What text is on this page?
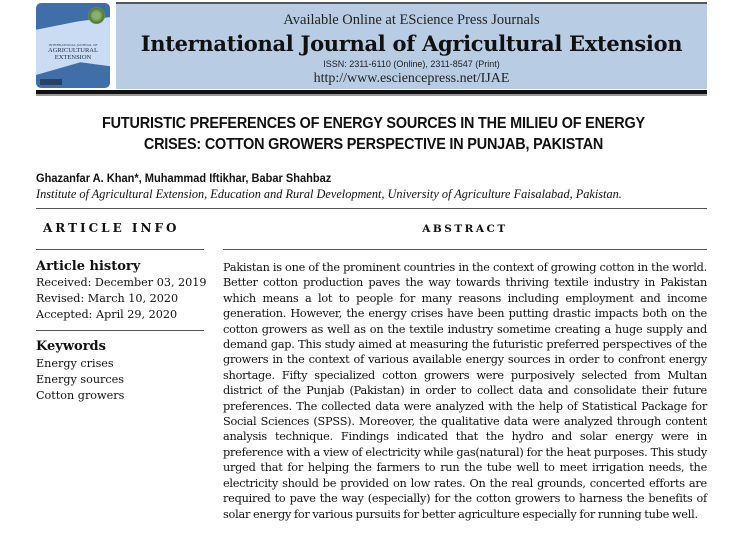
INTERNATIONAL JOURNAL OF
AGRICULTURAL EXTENSION
Available Online at EScience Press Journals
International Journal of Agricultural Extension
ISSN: 2311-6110 (Online), 2311-8547 (Print)
http://www.esciencepress.net/IJAE
FUTURISTIC PREFERENCES OF ENERGY SOURCES IN THE MILIEU OF ENERGY
CRISES: COTTON GROWERS PERSPECTIVE IN PUNJAB, PAKISTAN
Ghazanfar A. Khan*, Muhammad Iftikhar, Babar Shahbaz
Institute of Agricultural Extension, Education and Rural Development, University of Agriculture Faisalabad, Pakistan.
ARTICLE INFO
Article history
Received: December 03, 2019
Revised: March 10, 2020
Accepted: April 29, 2020
Keywords
Energy crises
Energy sources
Cotton growers
ABSTRACT
Pakistan is one of the prominent countries in the context of growing cotton in the world. Better cotton production paves the way towards thriving textile industry in Pakistan which means a lot to people for many reasons including employment and income generation. However, the energy crises have been putting drastic impacts both on the cotton growers as well as on the textile industry sometime creating a huge supply and demand gap. This study aimed at measuring the futuristic preferred perspectives of the growers in the context of various available energy sources in order to confront energy shortage. Fifty specialized cotton growers were purposively selected from Multan district of the Punjab (Pakistan) in order to collect data and consolidate their future preferences. The collected data were analyzed with the help of Statistical Package for Social Sciences (SPSS). Moreover, the qualitative data were analyzed through content analysis technique. Findings indicated that the hydro and solar energy were in preference with a view of electricity while gas(natural) for the heat purposes. This study urged that for helping the farmers to run the tube well to meet irrigation needs, the electricity should be provided on low rates. On the real grounds, concerted efforts are required to pave the way (especially) for the cotton growers to harness the benefits of solar energy for various pursuits for better agriculture especially for running tube well.
